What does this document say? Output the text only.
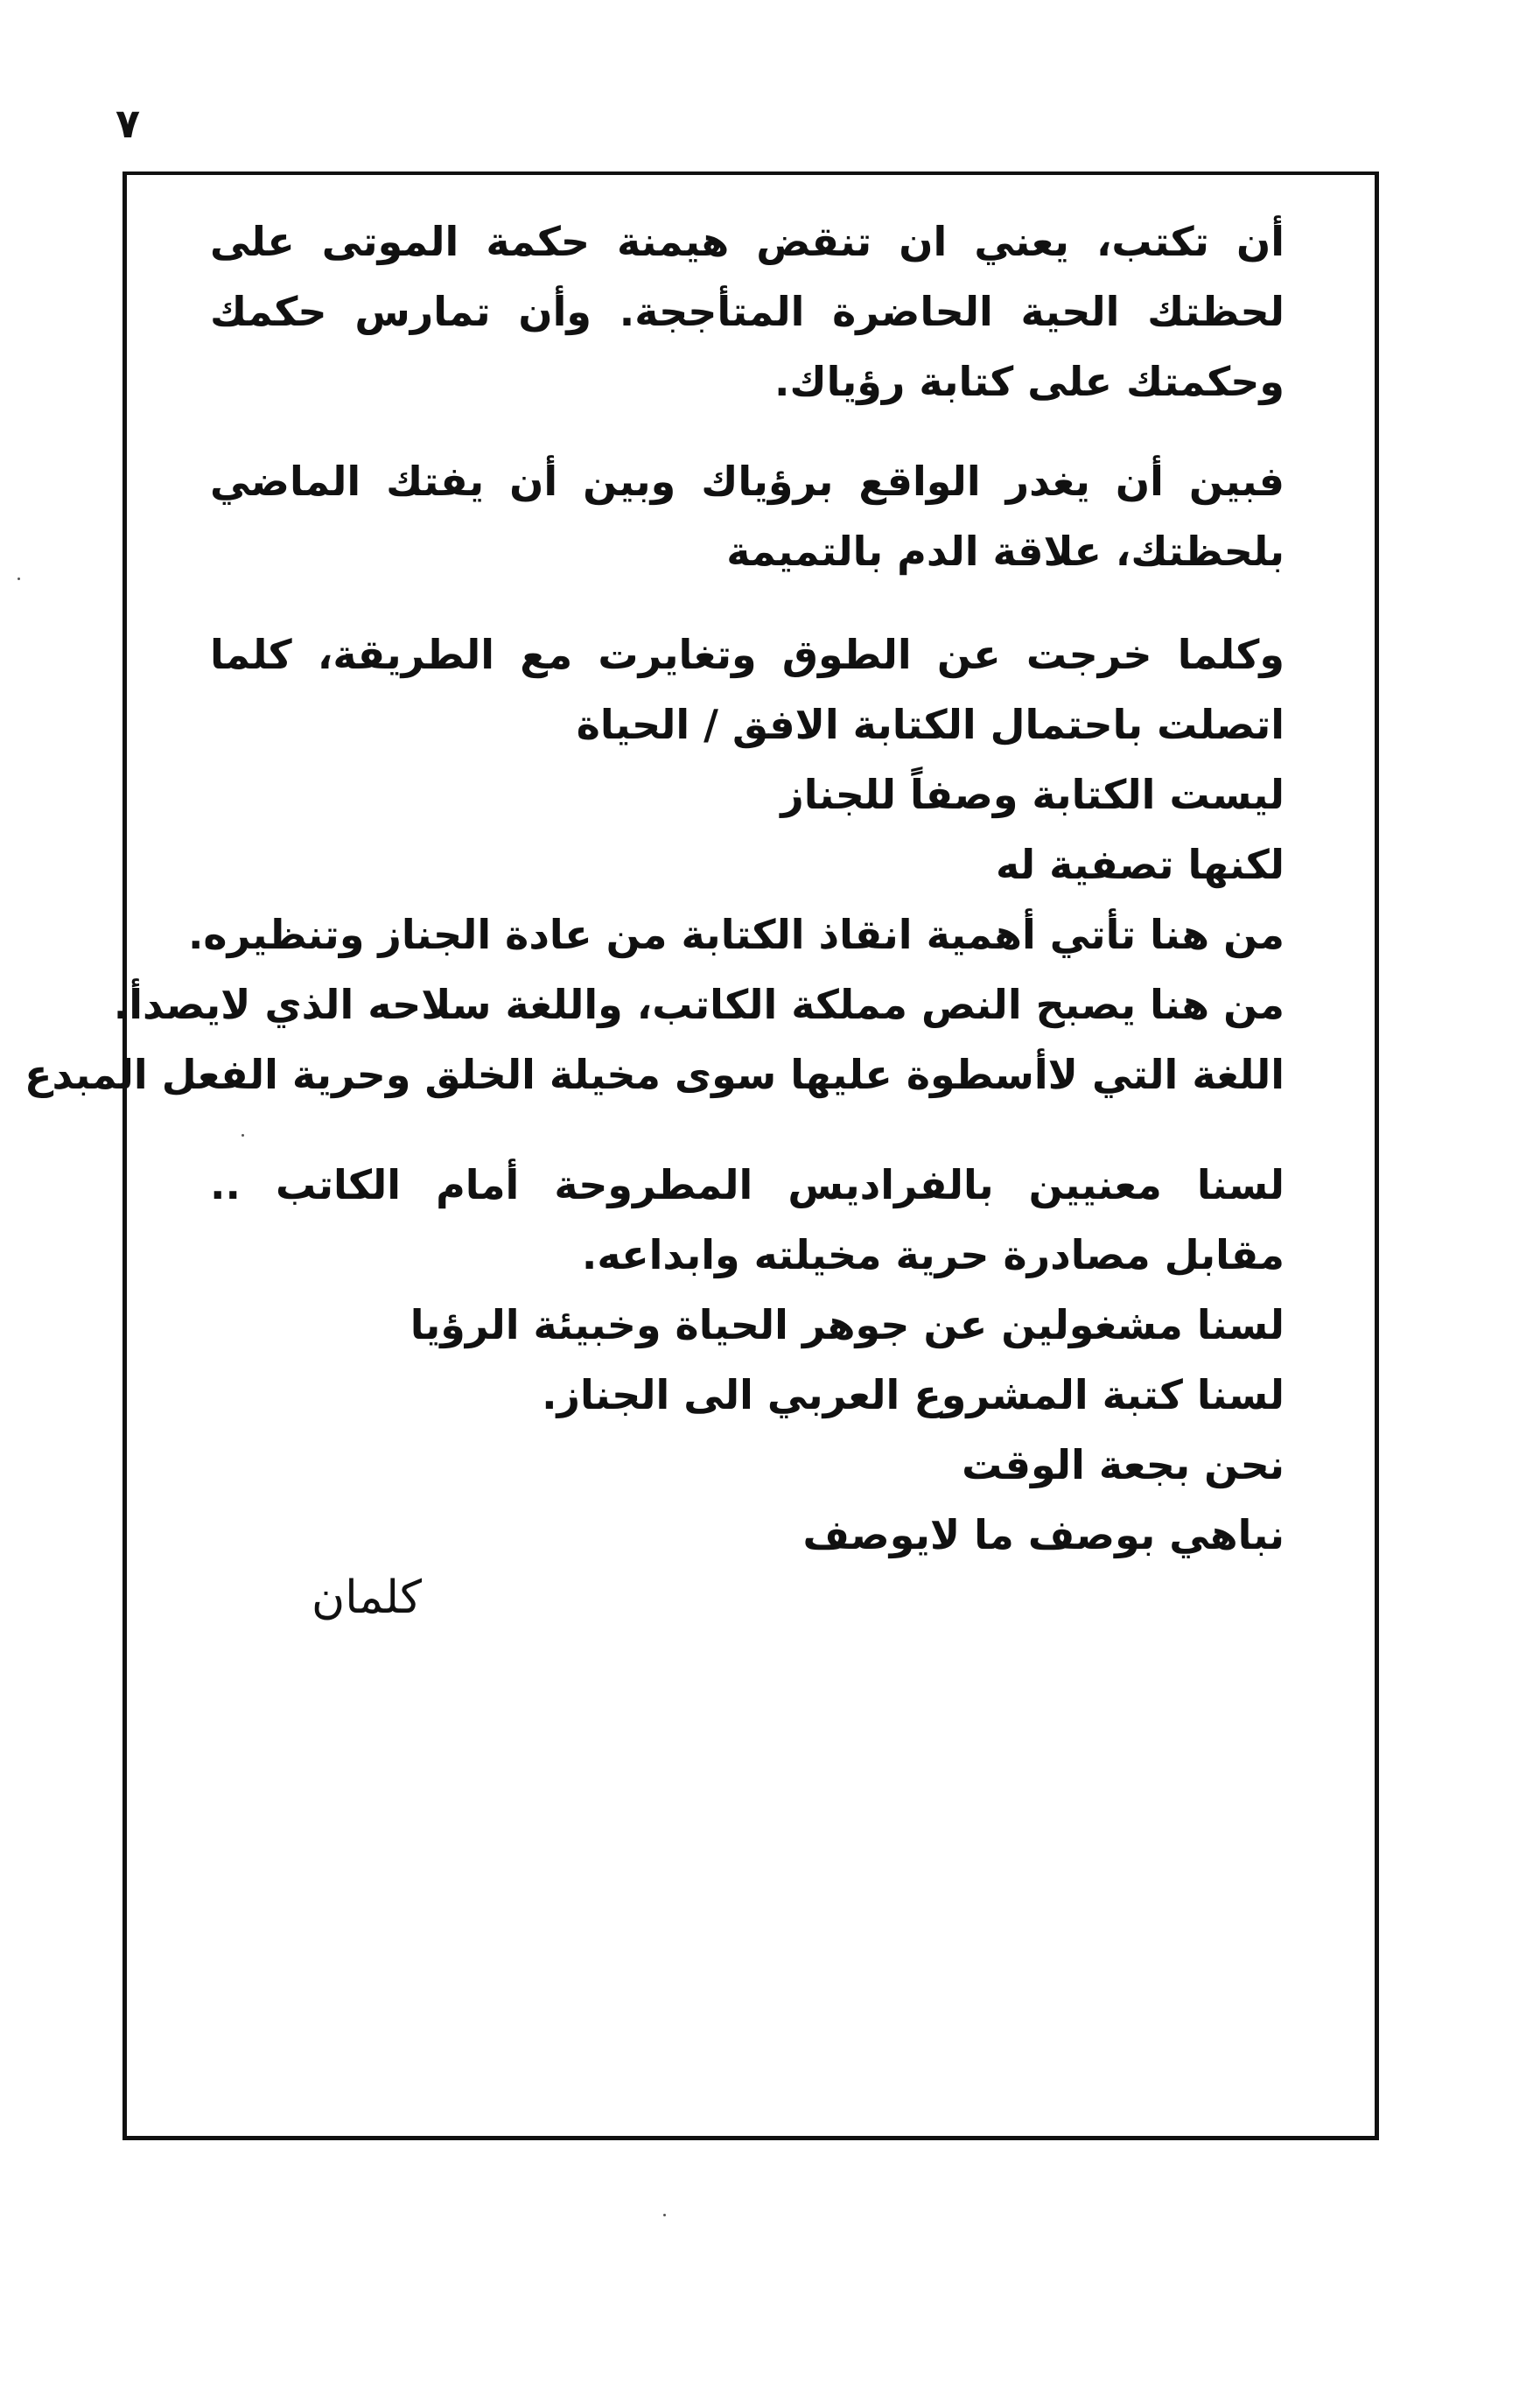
٧

أن تكتب، يعني ان تنقض هيمنة حكمة الموتى على لحظتك الحية الحاضرة المتأججة. وأن تمارس حكمك وحكمتك على كتابة رؤياك.

فبين أن يغدر الواقع برؤياك وبين أن يفتك الماضي بلحظتك، علاقة الدم بالتميمة

وكلما خرجت عن الطوق وتغايرت مع الطريقة، كلما اتصلت باحتمال الكتابة الافق / الحياة

ليست الكتابة وصفاً للجناز
لكنها تصفية له
من هنا تأتي أهمية انقاذ الكتابة من عادة الجناز وتنظيره.
من هنا يصبح النص مملكة الكاتب، واللغة سلاحه الذي لايصدأ.
اللغة التي لاأسطوة عليها سوى مخيلة الخلق وحرية الفعل المبدع

لسنا معنيين بالفراديس المطروحة أمام الكاتب .. مقابل مصادرة حرية مخيلته وابداعه.

لسنا مشغولين عن جوهر الحياة وخبيئة الرؤيا
لسنا كتبة المشروع العربي الى الجناز.
نحن بجعة الوقت
نباهي بوصف ما لايوصف
كلمان
